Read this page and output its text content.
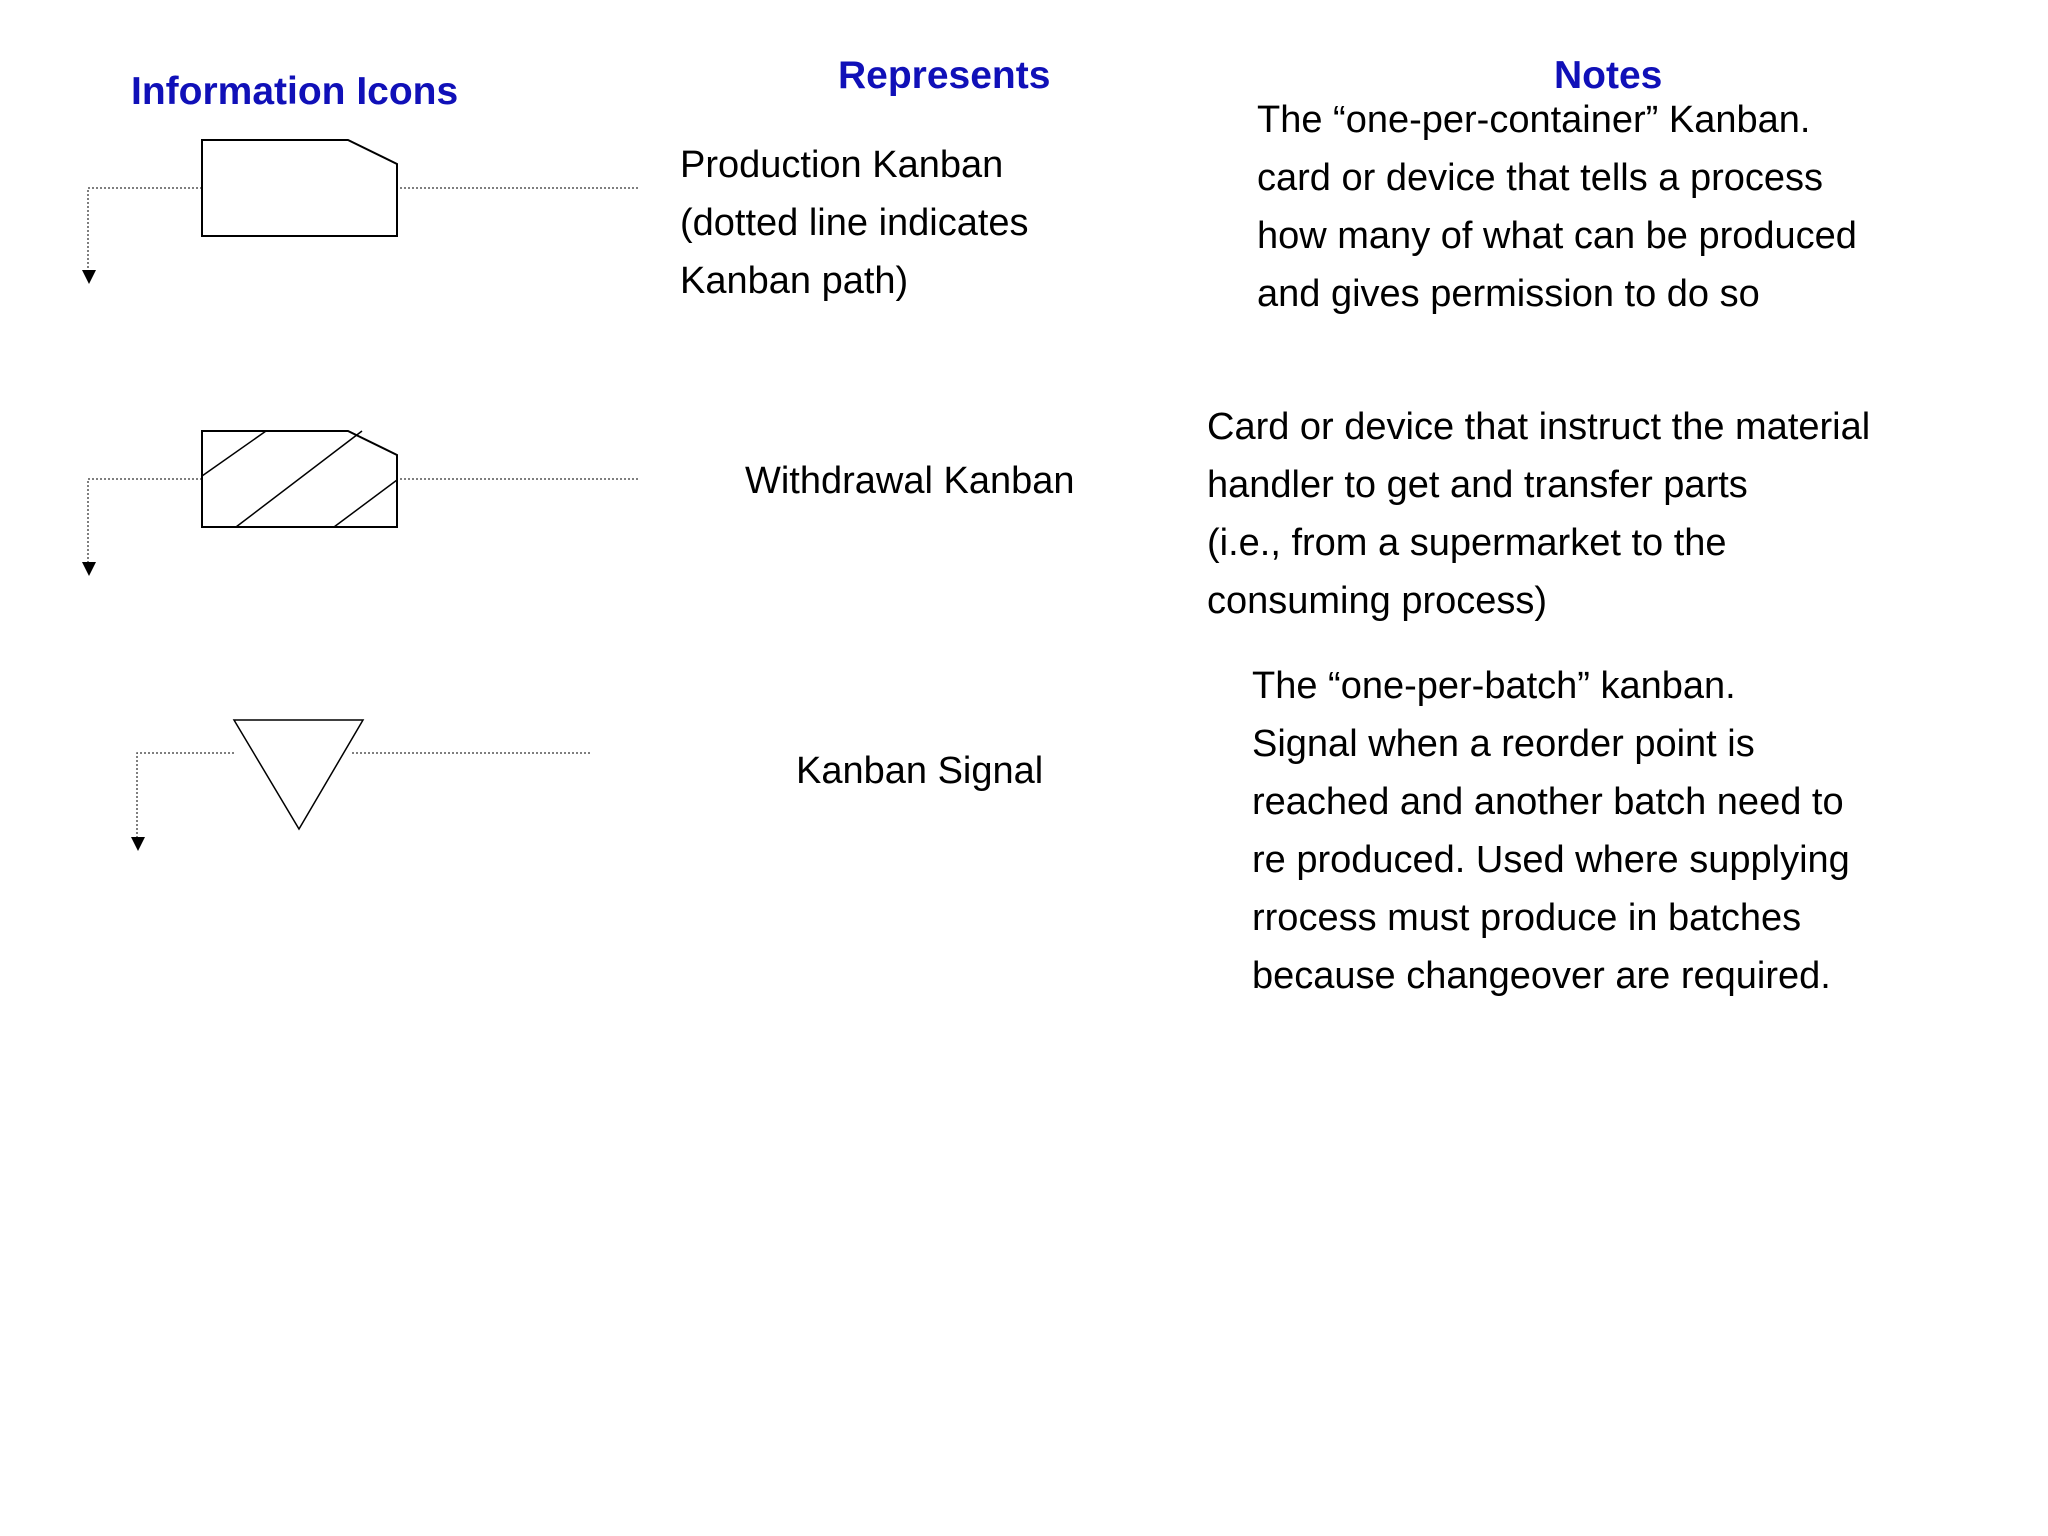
Information Icons	Represents	Notes
Production Kanban
(dotted line indicates
Kanban path)
Withdrawal Kanban
Kanban Signal
The “one-per-container” Kanban.
card or device that tells a process
how many of what can be produced
and gives permission to do so
Card or device that instruct the material
handler to get and transfer parts
(i.e., from a supermarket to the
consuming process)
The “one-per-batch” kanban.
Signal when a reorder point is
reached and another batch need to
re produced. Used where supplying
rrocess must produce in batches
because changeover are required.
